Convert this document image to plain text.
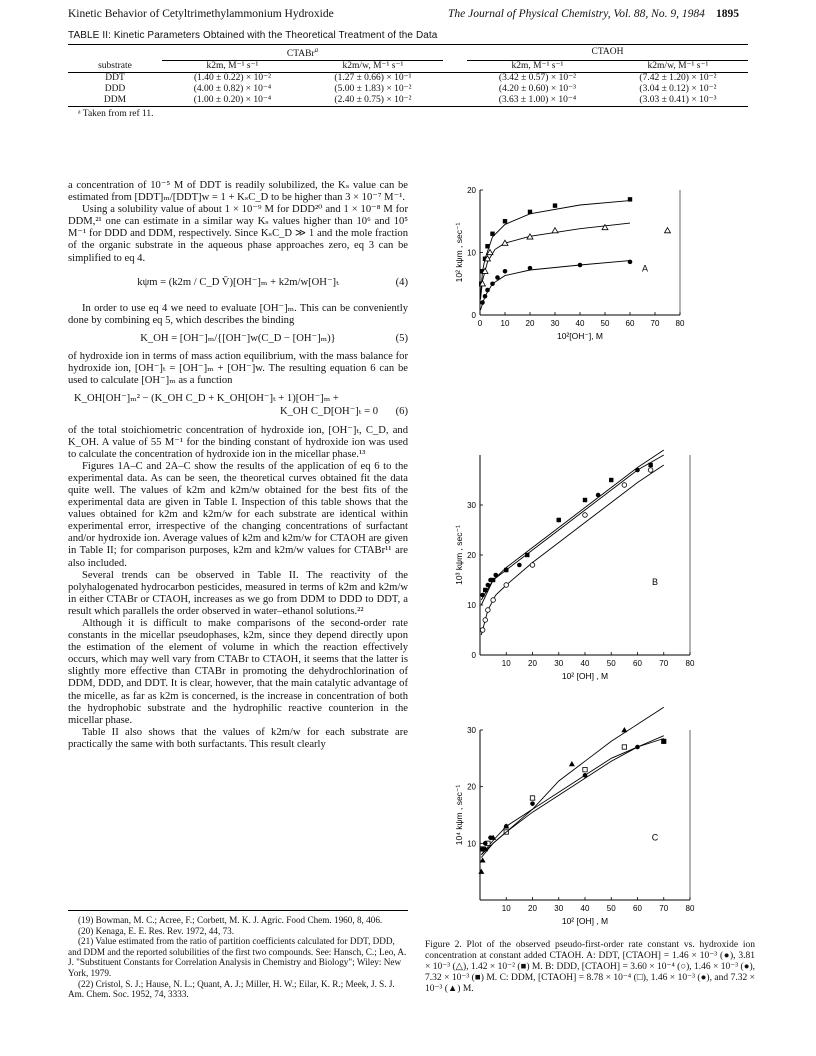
Kinetic Behavior of Cetyltrimethylammonium Hydroxide	The Journal of Physical Chemistry, Vol. 88, No. 9, 1984 1895
TABLE II: Kinetic Parameters Obtained with the Theoretical Treatment of the Data
	CTABr$^a$			CTAOH	
substrate	k2m, M⁻¹ s⁻¹	k2m/w, M⁻¹ s⁻¹		k2m, M⁻¹ s⁻¹	k2m/w, M⁻¹ s⁻¹
DDT	(1.40 ± 0.22) × 10⁻²	(1.27 ± 0.66) × 10⁻¹		(3.42 ± 0.57) × 10⁻²	(7.42 ± 1.20) × 10⁻²
DDD	(4.00 ± 0.82) × 10⁻⁴	(5.00 ± 1.83) × 10⁻²		(4.20 ± 0.60) × 10⁻³	(3.04 ± 0.12) × 10⁻²
DDM	(1.00 ± 0.20) × 10⁻⁴	(2.40 ± 0.75) × 10⁻²		(3.63 ± 1.00) × 10⁻⁴	(3.03 ± 0.41) × 10⁻³
ᵃ Taken from ref 11.					

a concentration of 10⁻⁵ M of DDT is readily solubilized, the Kₛ value can be estimated from [DDT]ₘ/[DDT]w = 1 + KₛC_D to be higher than 3 × 10⁻⁷ M⁻¹.

Using a solubility value of about 1 × 10⁻⁹ M for DDD²⁰ and 1 × 10⁻⁸ M for DDM,²¹ one can estimate in a similar way Kₛ values higher than 10⁶ and 10⁵ M⁻¹ for DDD and DDM, respectively. Since KₛC_D ≫ 1 and the mole fraction of the organic substrate in the aqueous phase approaches zero, eq 3 can be simplified to eq 4.

kψm = (k2m / C_D V̄)[OH⁻]ₘ + k2m/w[OH⁻]ₜ	(4)

In order to use eq 4 we need to evaluate [OH⁻]ₘ. This can be conveniently done by combining eq 5, which describes the binding

K_OH = [OH⁻]ₘ/{[OH⁻]w(C_D − [OH⁻]ₘ)}	(5)

of hydroxide ion in terms of mass action equilibrium, with the mass balance for hydroxide ion, [OH⁻]ₜ = [OH⁻]ₘ + [OH⁻]w. The resulting equation 6 can be used to calculate [OH⁻]ₘ as a function

K_OH[OH⁻]ₘ² − (K_OH C_D + K_OH[OH⁻]ₜ + 1)[OH⁻]ₘ +
K_OH C_D[OH⁻]ₜ = 0 (6)

of the total stoichiometric concentration of hydroxide ion, [OH⁻]ₜ, C_D, and K_OH. A value of 55 M⁻¹ for the binding constant of hydroxide ion was used to calculate the concentration of hydroxide ion in the micellar phase.¹³

Figures 1A–C and 2A–C show the results of the application of eq 6 to the experimental data. As can be seen, the theoretical curves obtained fit the data quite well. The values of k2m and k2m/w obtained for the best fits of the experimental data are given in Table I. Inspection of this table shows that the values obtained for k2m and k2m/w for each substrate are identical within experimental error, irrespective of the changing concentrations of surfactant and/or hydroxide ion. Average values of k2m and k2m/w for CTAOH are given in Table II; for comparison purposes, k2m and k2m/w values for CTABr¹¹ are also included.

Several trends can be observed in Table II. The reactivity of the polyhalogenated hydrocarbon pesticides, measured in terms of k2m and k2m/w in either CTABr or CTAOH, increases as we go from DDM to DDD to DDT, a result which parallels the order observed in water–ethanol solutions.²²

Although it is difficult to make comparisons of the second-order rate constants in the micellar pseudophases, k2m, since they depend directly upon the estimation of the element of volume in which the reaction effectively occurs, which may well vary from CTABr to CTAOH, it seems that the latter is slightly more effective than CTABr in promoting the dehydrochlorination of DDM, DDD, and DDT. It is clear, however, that the main catalytic advantage of the micelle, as far as k2m is concerned, is the increase in concentration of both the hydrophobic substrate and the hydrophilic reactive counterion in the micellar phase.

Table II also shows that the values of k2m/w for each substrate are practically the same with both surfactants. This result clearly

(19) Bowman, M. C.; Acree, F.; Corbett, M. K. J. Agric. Food Chem. 1960, 8, 406.
(20) Kenaga, E. E. Res. Rev. 1972, 44, 73.
(21) Value estimated from the ratio of partition coefficients calculated for DDT, DDD, and DDM and the reported solubilities of the first two compounds. See: Hansch, C.; Leo, A. J. "Substituent Constants for Correlation Analysis in Chemistry and Biology"; Wiley: New York, 1979.
(22) Cristol, S. J.; Hause, N. L.; Quant, A. J.; Miller, H. W.; Eilar, K. R.; Meek, J. S. J. Am. Chem. Soc. 1952, 74, 3333.
0 10 20 30 40 50 60 70 80
0
10
20
10²[OH⁻], M
10² kψm , sec⁻¹	A
10 20 30 40 50 60 70 80
0
10
20
30
10² [OH] , M
10³ kψm , sec⁻¹	B
10 20 30 40 50 60 70 80
10
20
30
10² [OH] , M
10⁴ kψm , sec⁻¹	C
Figure 2. Plot of the observed pseudo-first-order rate constant vs. hydroxide ion concentration at constant added CTAOH. A: DDT, [CTAOH] = 1.46 × 10⁻³ (●), 3.81 × 10⁻³ (△), 1.42 × 10⁻² (■) M. B: DDD, [CTAOH] = 3.60 × 10⁻⁴ (○), 1.46 × 10⁻³ (●), 7.32 × 10⁻³ (■) M. C: DDM, [CTAOH] = 8.78 × 10⁻⁴ (□), 1.46 × 10⁻³ (●), and 7.32 × 10⁻³ (▲) M.
